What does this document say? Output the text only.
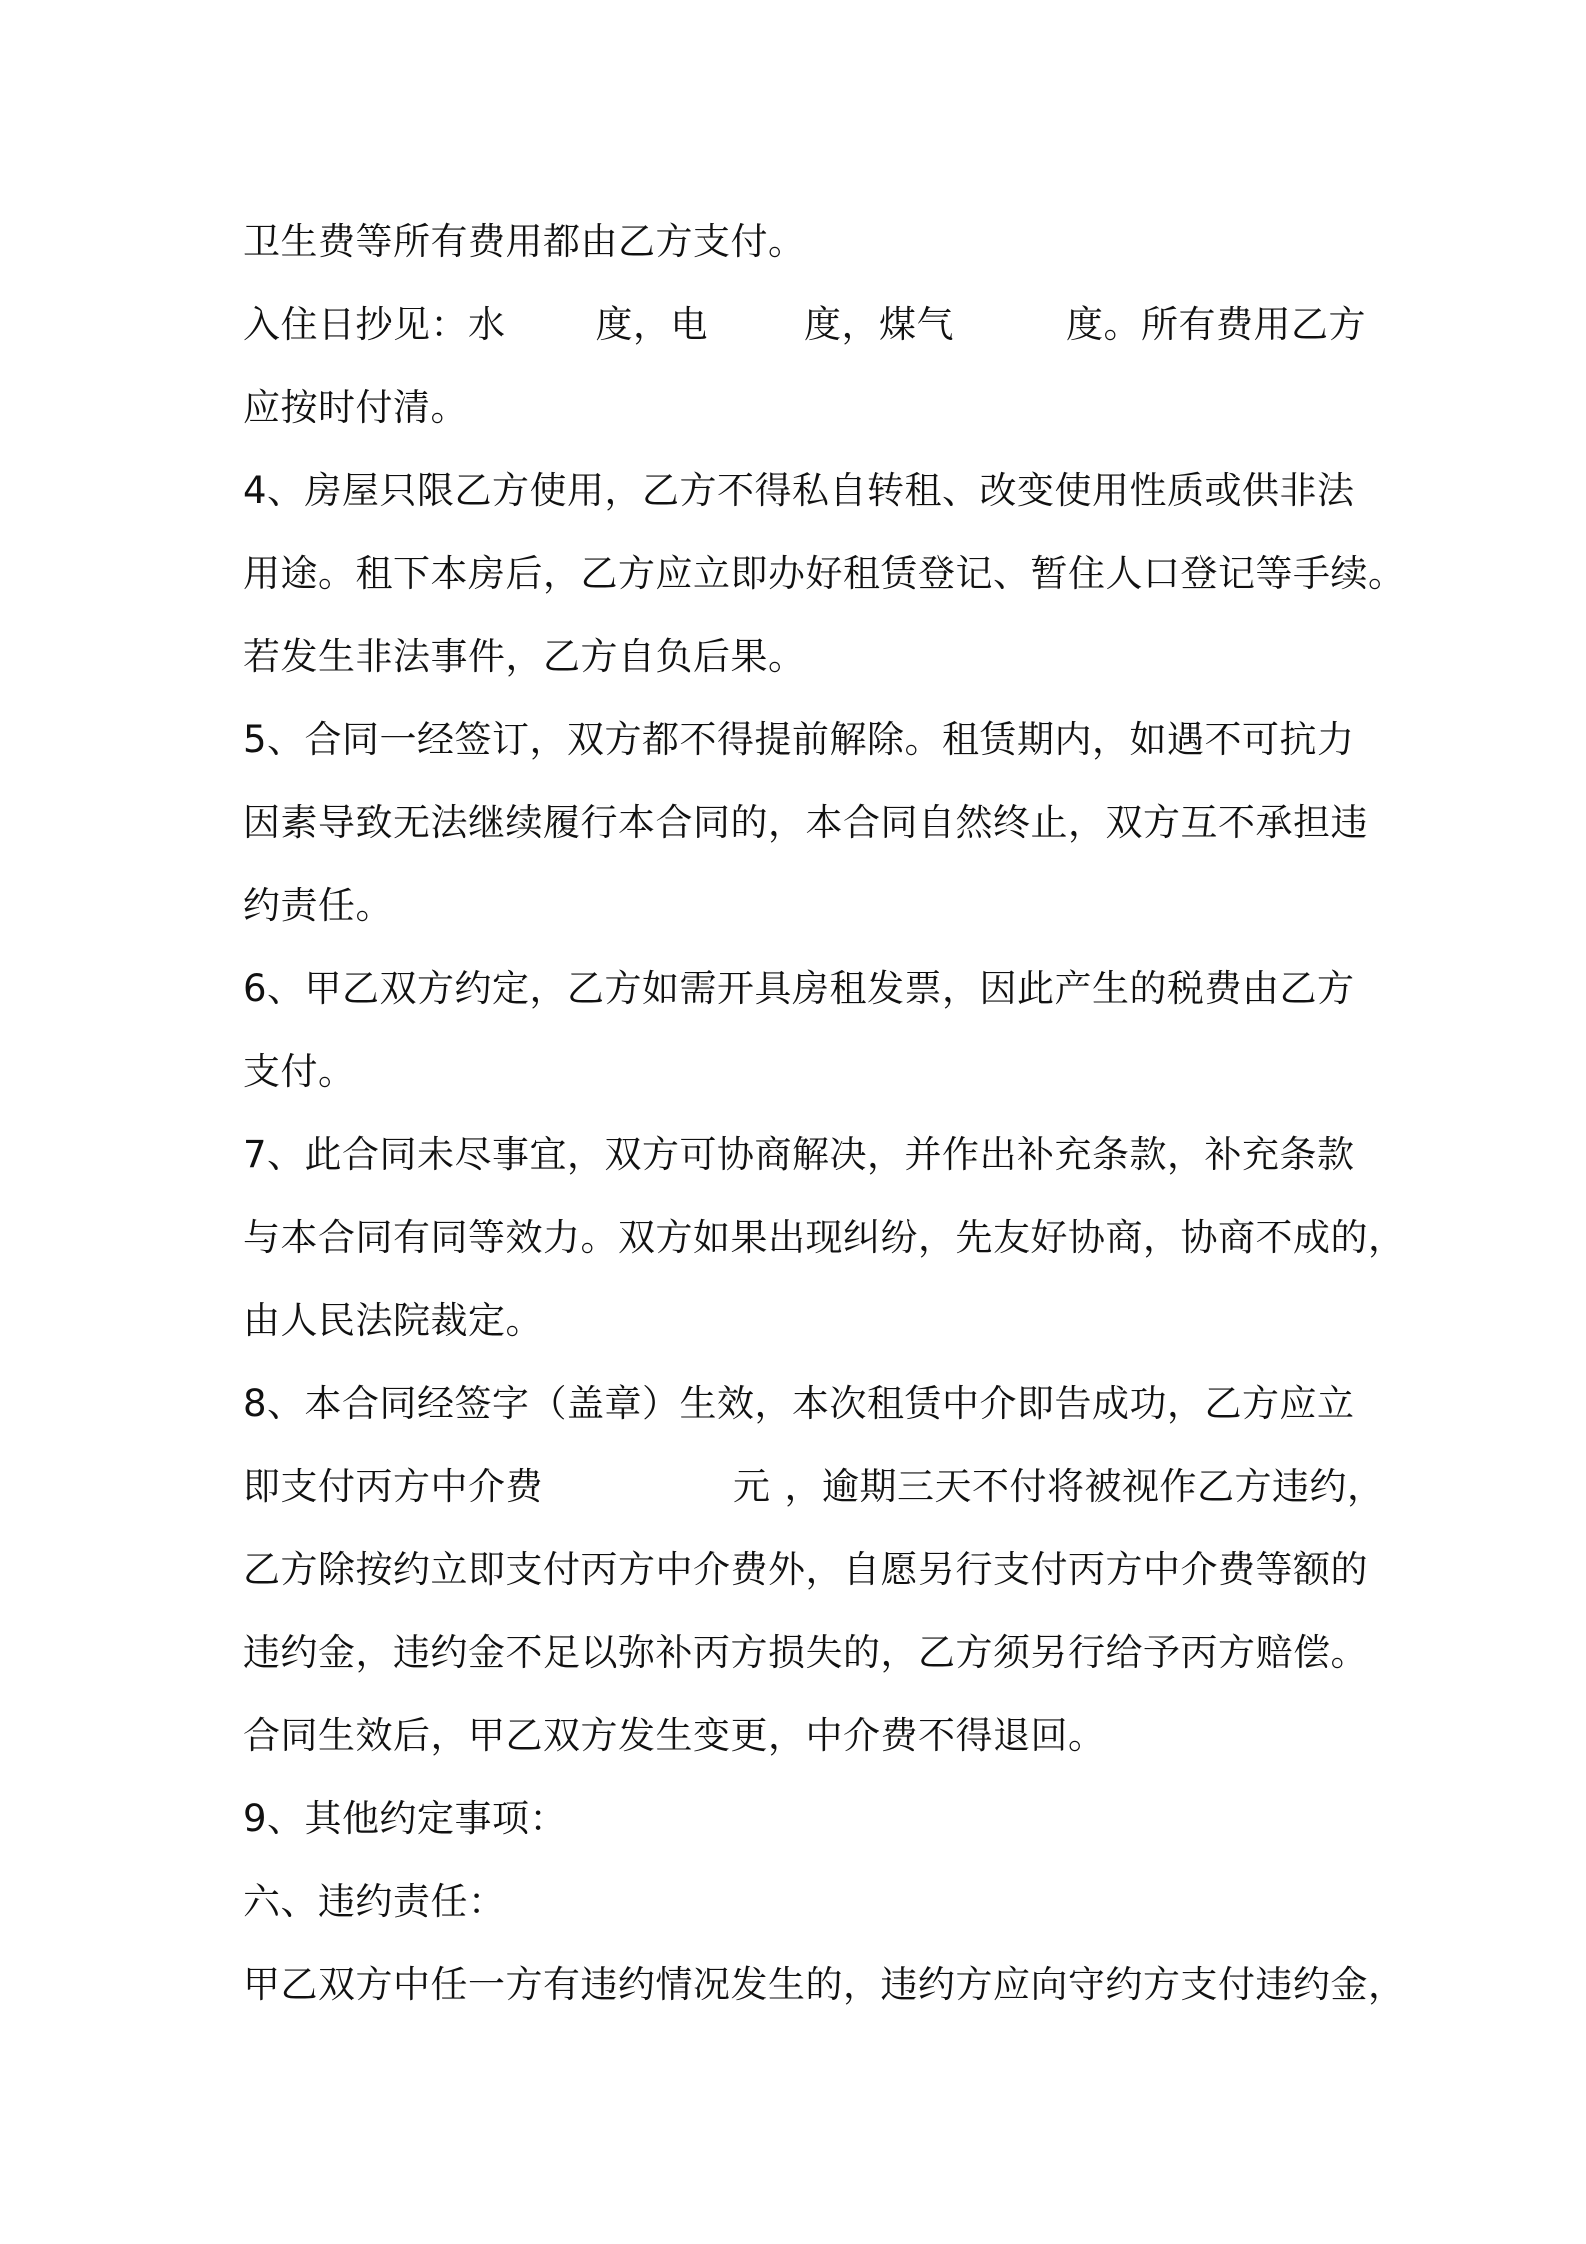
卫生费等所有费用都由乙方支付。
入住日抄见：水 度，电	度，煤气	度。所有费用乙方
应按时付清。
4、房屋只限乙方使用，乙方不得私自转租、改变使用性质或供非法
用途。租下本房后，乙方应立即办好租赁登记、暂住人口登记等手续。
若发生非法事件，乙方自负后果。
5、合同一经签订，双方都不得提前解除。租赁期内，如遇不可抗力
因素导致无法继续履行本合同的，本合同自然终止，双方互不承担违
约责任。
6、甲乙双方约定，乙方如需开具房租发票，因此产生的税费由乙方
支付。
7、此合同未尽事宜，双方可协商解决，并作出补充条款，补充条款
与本合同有同等效力。双方如果出现纠纷，先友好协商，协商不成的，
由人民法院裁定。
8、本合同经签字（盖章）生效，本次租赁中介即告成功，乙方应立
即支付丙方中介费	元 ，逾期三天不付将被视作乙方违约，
乙方除按约立即支付丙方中介费外，自愿另行支付丙方中介费等额的
违约金，违约金不足以弥补丙方损失的，乙方须另行给予丙方赔偿。
合同生效后，甲乙双方发生变更，中介费不得退回。
9、其他约定事项：
六、违约责任：
甲乙双方中任一方有违约情况发生的，违约方应向守约方支付违约金，
